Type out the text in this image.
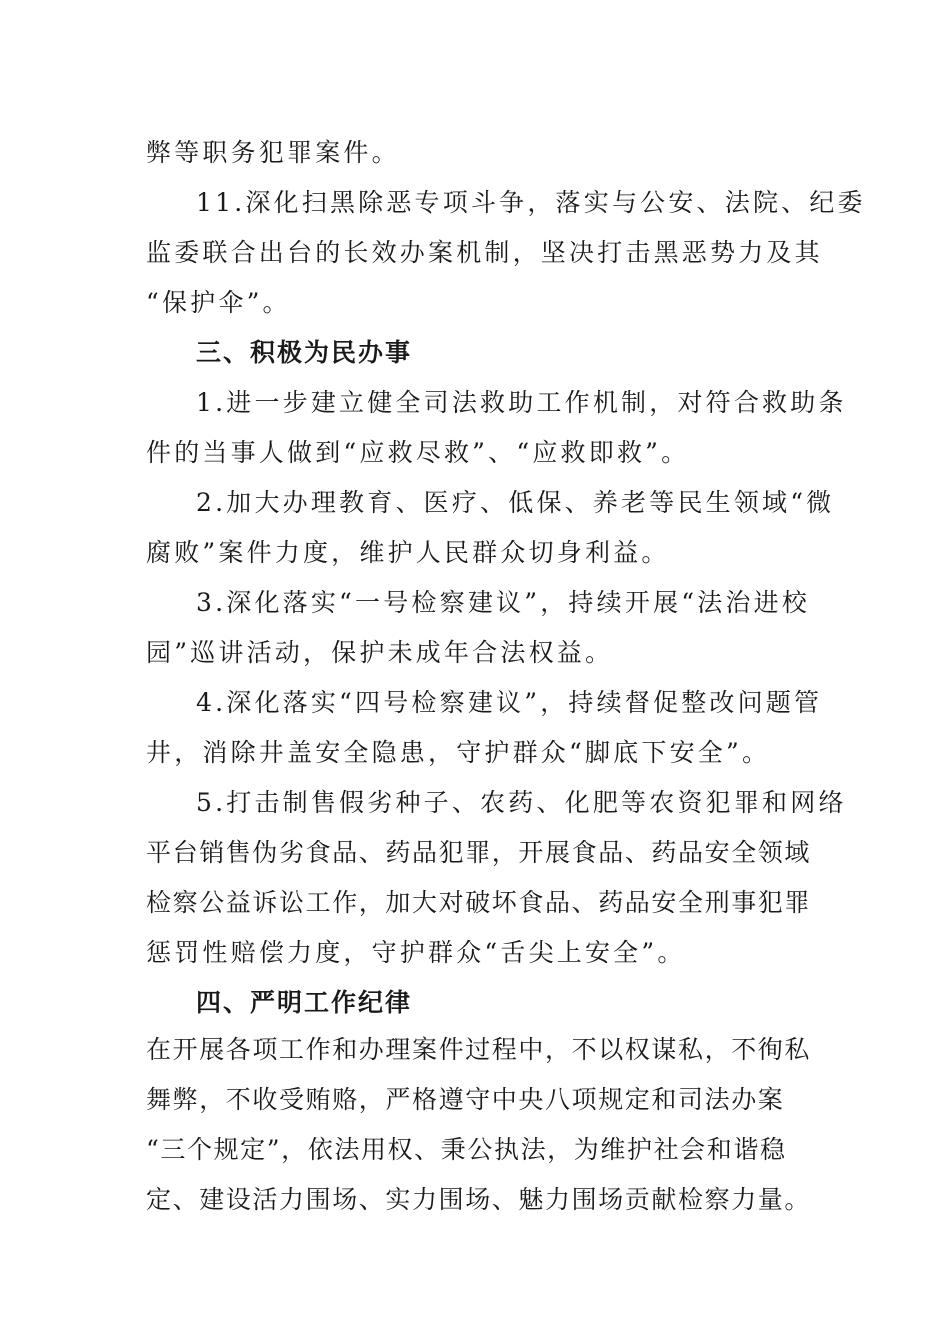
弊等职务犯罪案件。

11.深化扫黑除恶专项斗争，落实与公安、法院、纪委

监委联合出台的长效办案机制，坚决打击黑恶势力及其

“保护伞”。

三、积极为民办事

1.进一步建立健全司法救助工作机制，对符合救助条

件的当事人做到“应救尽救”、“应救即救”。

2.加大办理教育、医疗、低保、养老等民生领域“微

腐败”案件力度，维护人民群众切身利益。

3.深化落实“一号检察建议”，持续开展“法治进校

园”巡讲活动，保护未成年合法权益。

4.深化落实“四号检察建议”，持续督促整改问题管

井，消除井盖安全隐患，守护群众“脚底下安全”。

5.打击制售假劣种子、农药、化肥等农资犯罪和网络

平台销售伪劣食品、药品犯罪，开展食品、药品安全领域

检察公益诉讼工作，加大对破坏食品、药品安全刑事犯罪

惩罚性赔偿力度，守护群众“舌尖上安全”。

四、严明工作纪律

在开展各项工作和办理案件过程中，不以权谋私，不徇私

舞弊，不收受贿赂，严格遵守中央八项规定和司法办案

“三个规定”，依法用权、秉公执法，为维护社会和谐稳

定、建设活力围场、实力围场、魅力围场贡献检察力量。
